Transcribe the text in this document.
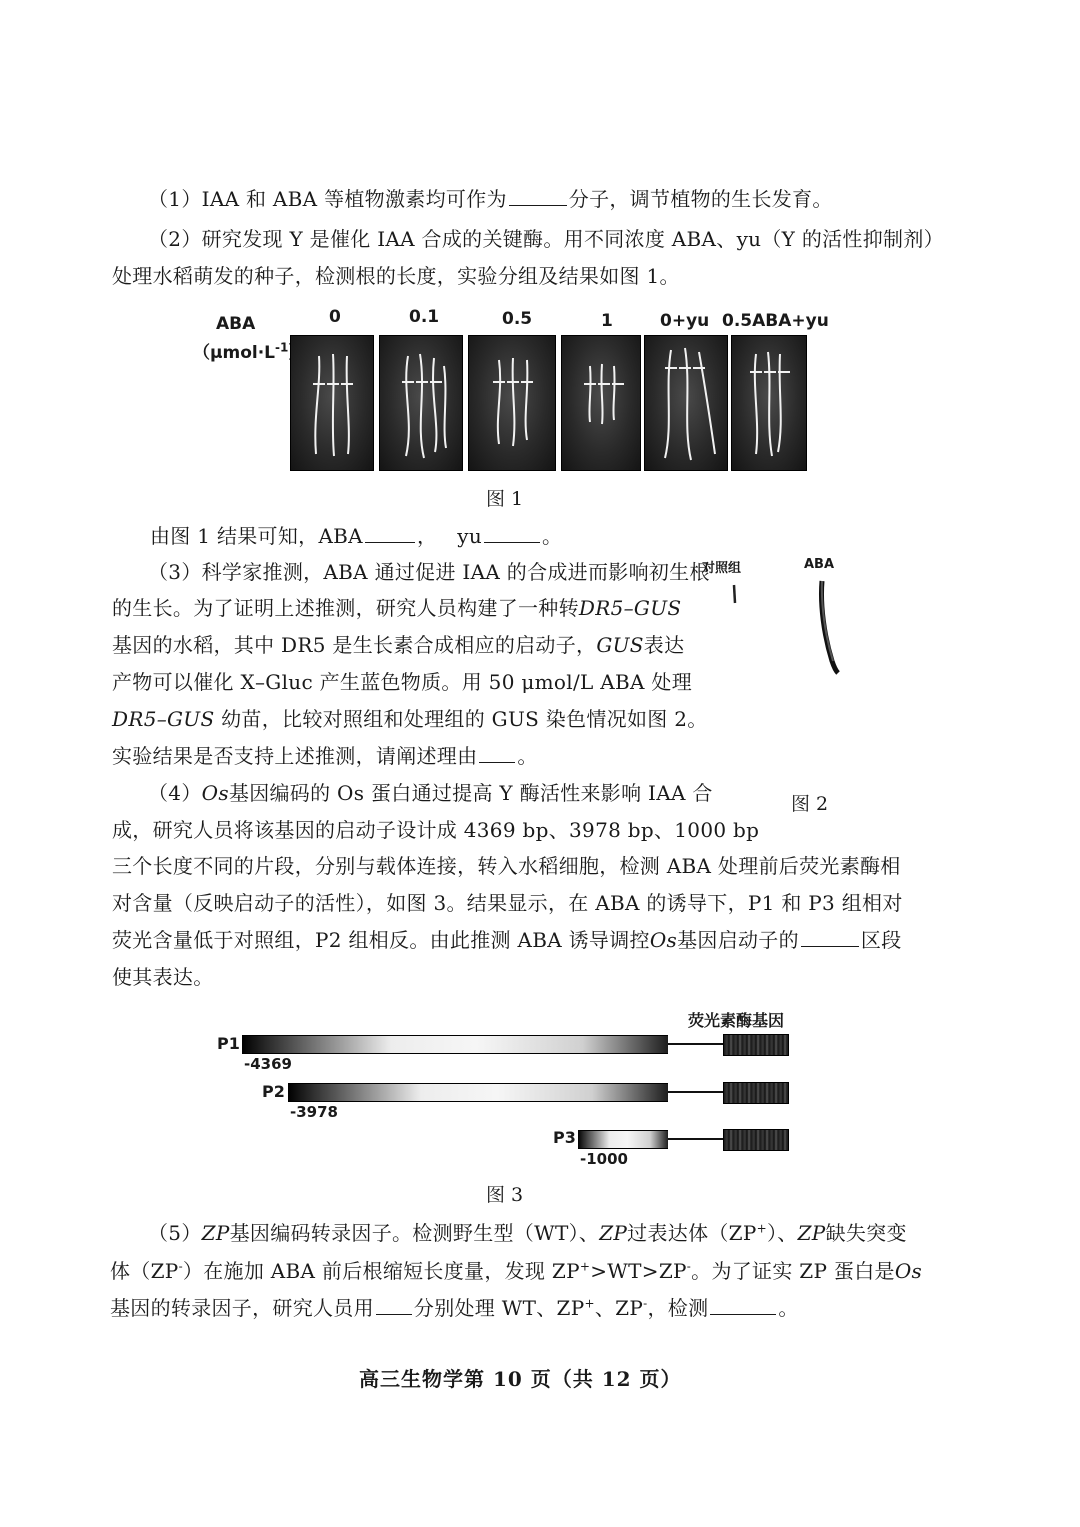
（1）IAA 和 ABA 等植物激素均可作为	分子，调节植物的生长发育。
（2）研究发现 Y 是催化 IAA 合成的关键酶。用不同浓度 ABA、yu（Y 的活性抑制剂）
处理水稻萌发的种子，检测根的长度，实验分组及结果如图 1。
ABA
（$\mu mol\cdot L^{-1}$
0	0.1	0.5	1	0+yu 0.5ABA+yu
图 1
由图 1 结果可知，ABA	， yu	。
（3）科学家推测，ABA 通过促进 IAA 的合成进而影响初生根
的生长。为了证明上述推测，研究人员构建了一种转DR5–GUS
基因的水稻，其中 DR5 是生长素合成相应的启动子，GUS表达
产物可以催化 X–Gluc 产生蓝色物质。用 50 μmol/L ABA 处理
DR5–GUS 幼苗，比较对照组和处理组的 GUS 染色情况如图 2。
实验结果是否支持上述推测，请阐述理由 。
对照组	ABA
图 2
（4）Os基因编码的 Os 蛋白通过提高 Y 酶活性来影响 IAA 合
成，研究人员将该基因的启动子设计成 4369 bp、3978 bp、1000 bp
三个长度不同的片段，分别与载体连接，转入水稻细胞，检测 ABA 处理前后荧光素酶相
对含量（反映启动子的活性），如图 3。结果显示，在 ABA 的诱导下，P1 和 P3 组相对
荧光含量低于对照组，P2 组相反。由此推测 ABA 诱导调控Os基因启动子的	区段
使其表达。
荧光素酶基因
P1
-4369
P2
-3978
P3
-1000
图 3
（5）ZP基因编码转录因子。检测野生型（WT）、ZP过表达体（ZP+）、ZP缺失突变
体（ZP-）在施加 ABA 前后根缩短长度量，发现 ZP+>WT>ZP-。为了证实 ZP 蛋白是Os
基因的转录因子，研究人员用 分别处理 WT、ZP+、ZP-，检测	。
高三生物学第 10 页（共 12 页）
